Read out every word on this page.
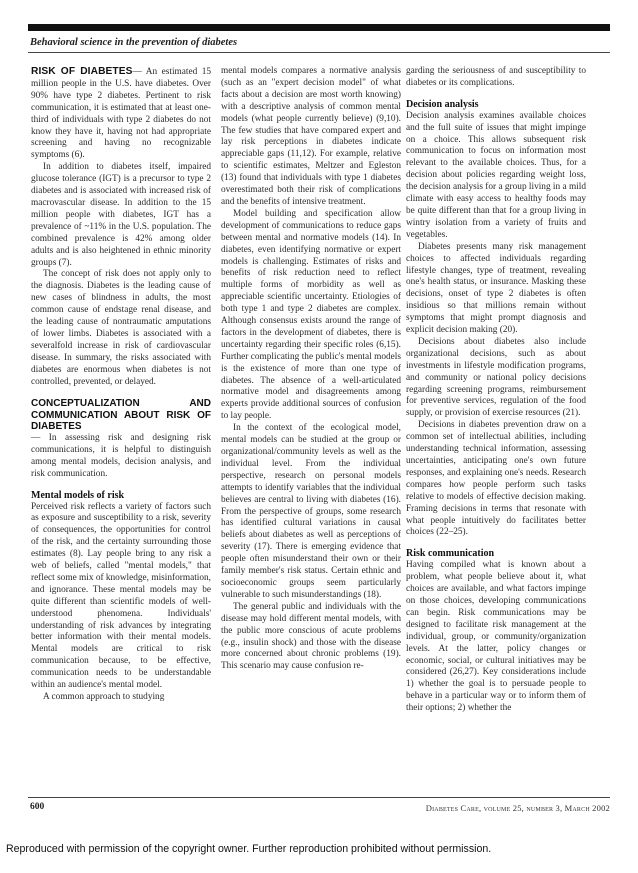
Behavioral science in the prevention of diabetes

RISK OF DIABETES— An estimated 15 million people in the U.S. have diabetes. Over 90% have type 2 diabetes. Pertinent to risk communication, it is estimated that at least one-third of individuals with type 2 diabetes do not know they have it, having not had appropriate screening and having no recognizable symptoms (6).

In addition to diabetes itself, impaired glucose tolerance (IGT) is a precursor to type 2 diabetes and is associated with increased risk of macrovascular disease. In addition to the 15 million people with diabetes, IGT has a prevalence of ~11% in the U.S. population. The combined prevalence is 42% among older adults and is also heightened in ethnic minority groups (7).

The concept of risk does not apply only to the diagnosis. Diabetes is the leading cause of new cases of blindness in adults, the most common cause of endstage renal disease, and the leading cause of nontraumatic amputations of lower limbs. Diabetes is associated with a severalfold increase in risk of cardiovascular disease. In summary, the risks associated with diabetes are enormous when diabetes is not controlled, prevented, or delayed.

CONCEPTUALIZATION AND COMMUNICATION ABOUT RISK OF DIABETES

— In assessing risk and designing risk communications, it is helpful to distinguish among mental models, decision analysis, and risk communication.

Mental models of risk

Perceived risk reflects a variety of factors such as exposure and susceptibility to a risk, severity of consequences, the opportunities for control of the risk, and the certainty surrounding those estimates (8). Lay people bring to any risk a web of beliefs, called "mental models," that reflect some mix of knowledge, misinformation, and ignorance. These mental models may be quite different than scientific models of well-understood phenomena. Individuals' understanding of risk advances by integrating better information with their mental models. Mental models are critical to risk communication because, to be effective, communication needs to be understandable within an audience's mental model.

A common approach to studying

mental models compares a normative analysis (such as an "expert decision model" of what facts about a decision are most worth knowing) with a descriptive analysis of common mental models (what people currently believe) (9,10). The few studies that have compared expert and lay risk perceptions in diabetes indicate appreciable gaps (11,12). For example, relative to scientific estimates, Meltzer and Egleston (13) found that individuals with type 1 diabetes overestimated both their risk of complications and the benefits of intensive treatment.

Model building and specification allow development of communications to reduce gaps between mental and normative models (14). In diabetes, even identifying normative or expert models is challenging. Estimates of risks and benefits of risk reduction need to reflect multiple forms of morbidity as well as appreciable scientific uncertainty. Etiologies of both type 1 and type 2 diabetes are complex. Although consensus exists around the range of factors in the development of diabetes, there is uncertainty regarding their specific roles (6,15). Further complicating the public's mental models is the existence of more than one type of diabetes. The absence of a well-articulated normative model and disagreements among experts provide additional sources of confusion to lay people.

In the context of the ecological model, mental models can be studied at the group or organizational/community levels as well as the individual level. From the individual perspective, research on personal models attempts to identify variables that the individual believes are central to living with diabetes (16). From the perspective of groups, some research has identified cultural variations in causal beliefs about diabetes as well as perceptions of severity (17). There is emerging evidence that people often misunderstand their own or their family member's risk status. Certain ethnic and socioeconomic groups seem particularly vulnerable to such misunderstandings (18).

The general public and individuals with the disease may hold different mental models, with the public more conscious of acute problems (e.g., insulin shock) and those with the disease more concerned about chronic problems (19). This scenario may cause confusion re-

garding the seriousness of and susceptibility to diabetes or its complications.

Decision analysis

Decision analysis examines available choices and the full suite of issues that might impinge on a choice. This allows subsequent risk communication to focus on information most relevant to the available choices. Thus, for a decision about policies regarding weight loss, the decision analysis for a group living in a mild climate with easy access to healthy foods may be quite different than that for a group living in wintry isolation from a variety of fruits and vegetables.

Diabetes presents many risk management choices to affected individuals regarding lifestyle changes, type of treatment, revealing one's health status, or insurance. Masking these decisions, onset of type 2 diabetes is often insidious so that millions remain without symptoms that might prompt diagnosis and explicit decision making (20).

Decisions about diabetes also include organizational decisions, such as about investments in lifestyle modification programs, and community or national policy decisions regarding screening programs, reimbursement for preventive services, regulation of the food supply, or provision of exercise resources (21).

Decisions in diabetes prevention draw on a common set of intellectual abilities, including understanding technical information, assessing uncertainties, anticipating one's own future responses, and explaining one's needs. Research compares how people perform such tasks relative to models of effective decision making. Framing decisions in terms that resonate with what people intuitively do facilitates better choices (22–25).

Risk communication

Having compiled what is known about a problem, what people believe about it, what choices are available, and what factors impinge on those choices, developing communications can begin. Risk communications may be designed to facilitate risk management at the individual, group, or community/organization levels. At the latter, policy changes or economic, social, or cultural initiatives may be considered (26,27). Key considerations include 1) whether the goal is to persuade people to behave in a particular way or to inform them of their options; 2) whether the

600	Diabetes Care, volume 25, number 3, March 2002
Reproduced with permission of the copyright owner. Further reproduction prohibited without permission.
